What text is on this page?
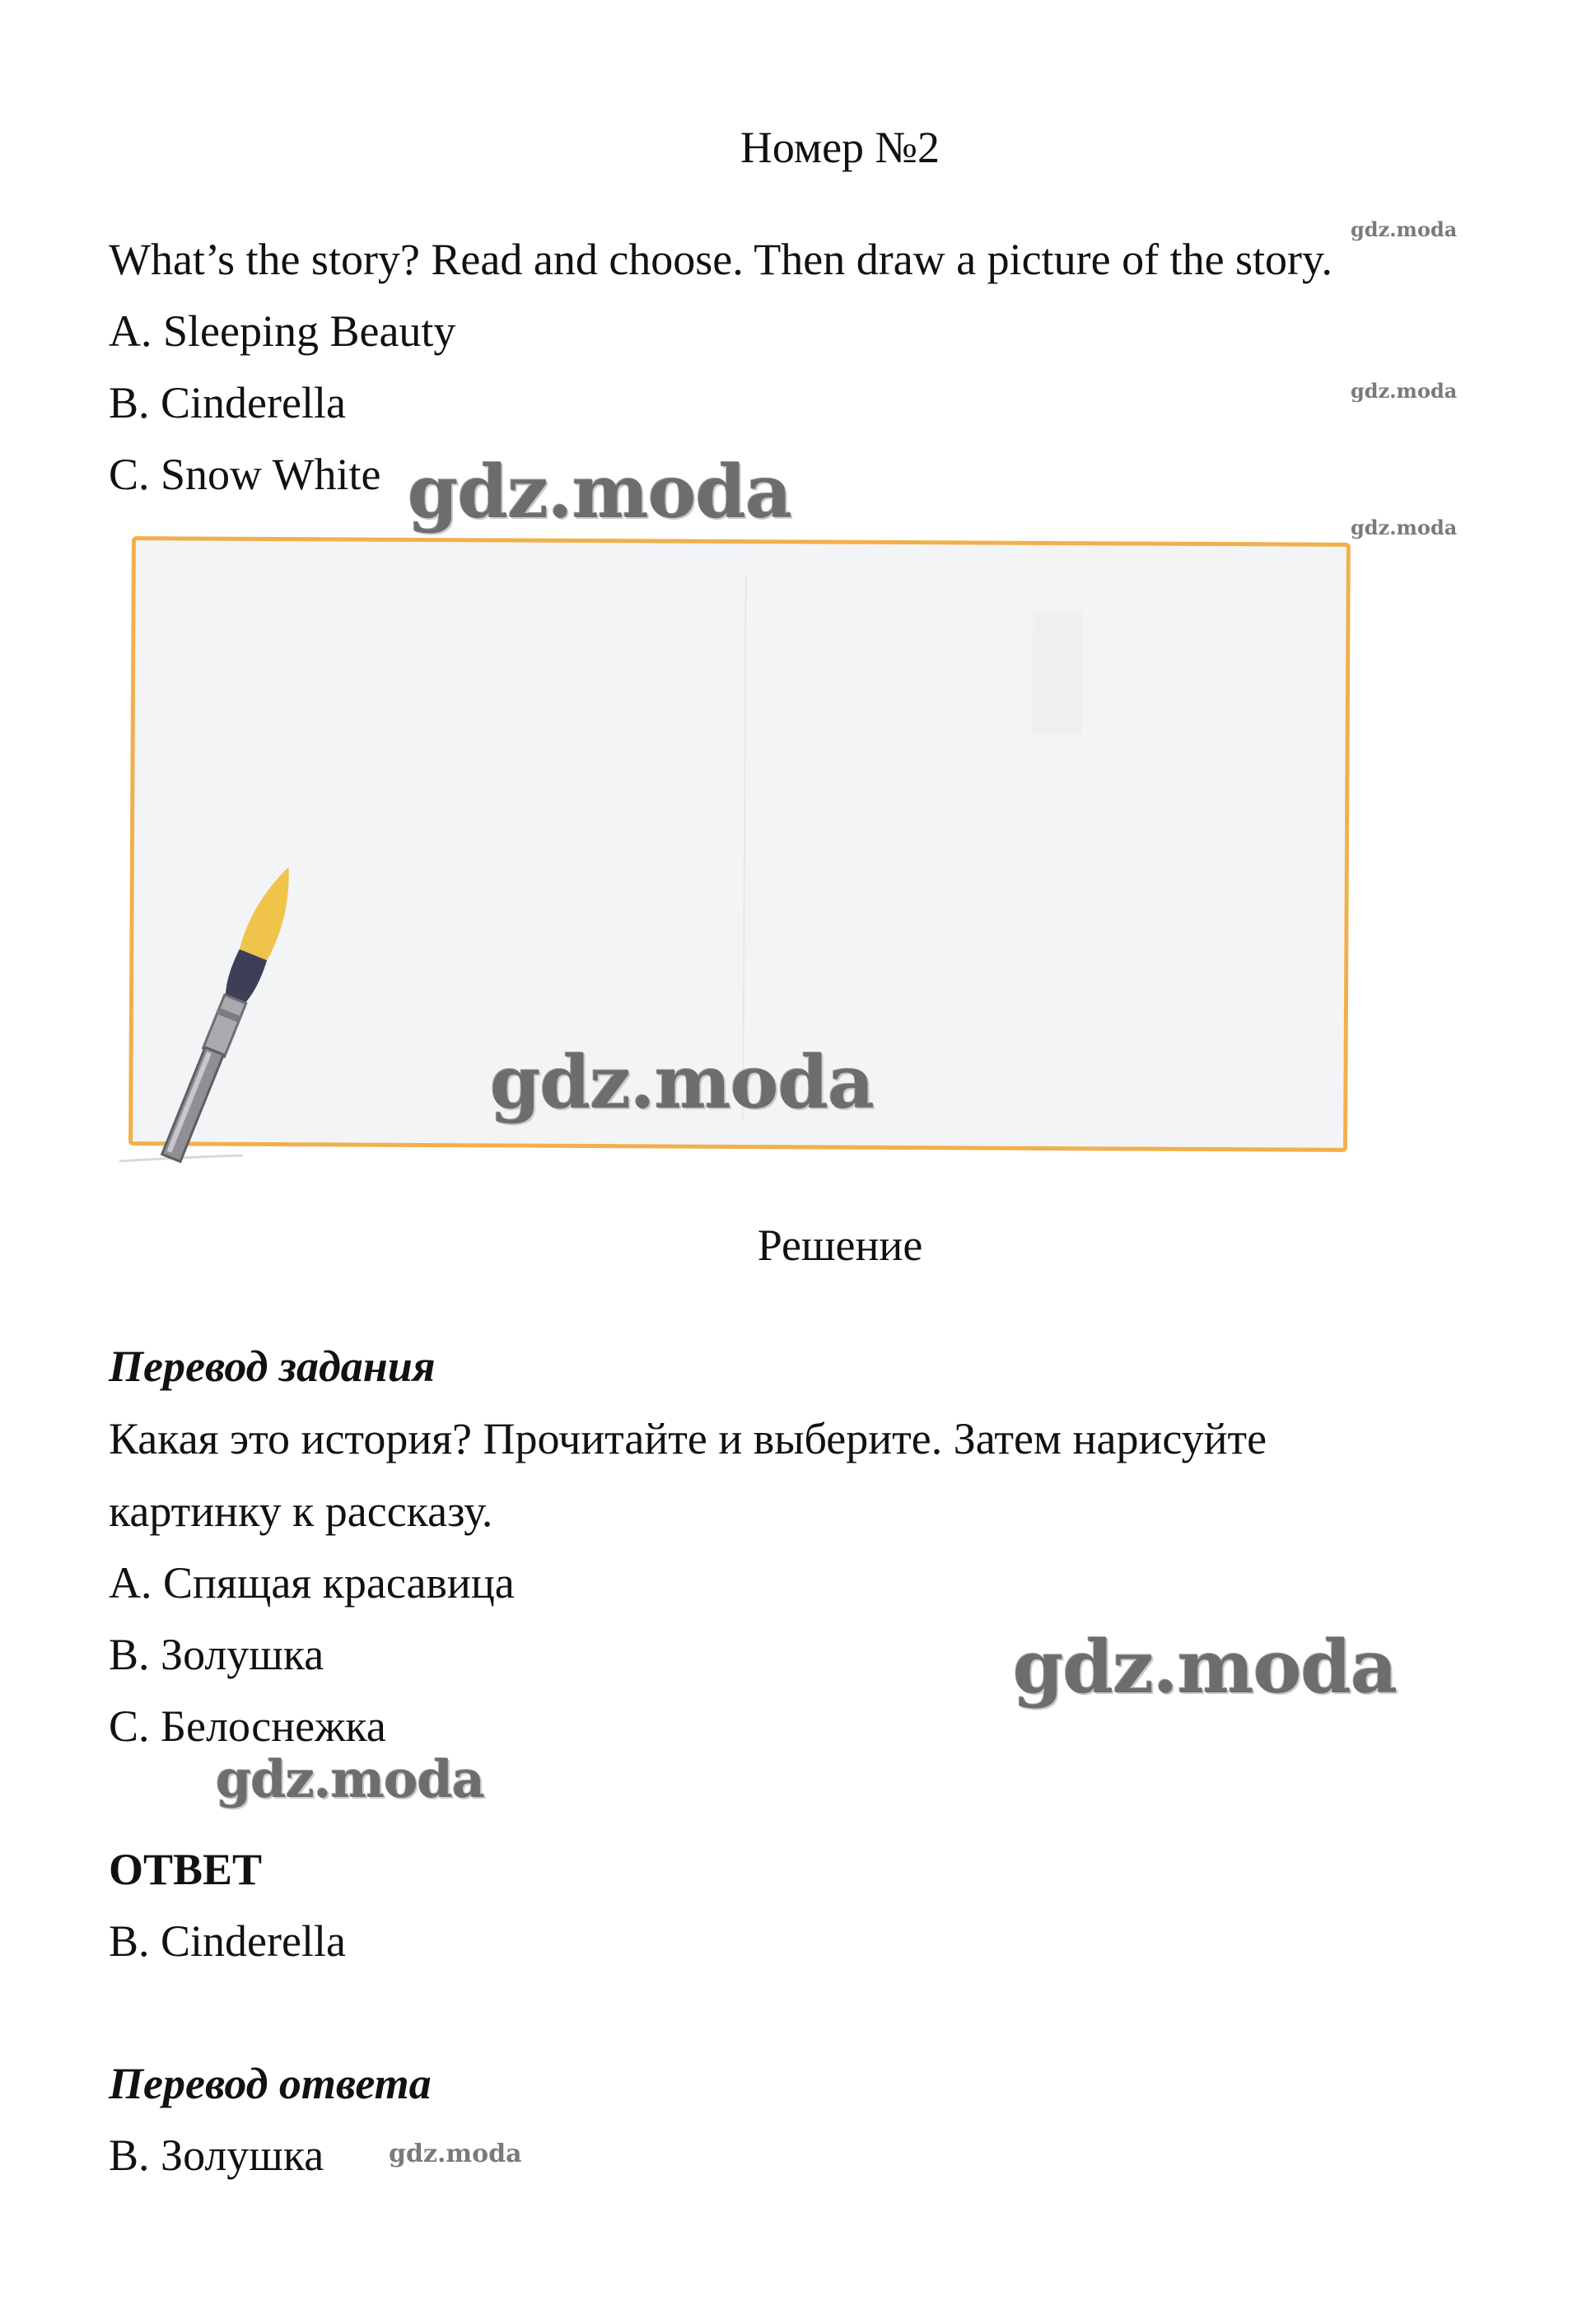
Номер №2
What’s the story? Read and choose. Then draw a picture of the story.
A. Sleeping Beauty
B. Cinderella
C. Snow White
Решение
Перевод задания
Какая это история? Прочитайте и выберите. Затем нарисуйте
картинку к рассказу.
А. Спящая красавица
В. Золушка
С. Белоснежка
ОТВЕТ
B. Cinderella
Перевод ответа
В. Золушка
gdz.moda
gdz.moda
gdz.moda
gdz.moda
gdz.moda
gdz.moda
gdz.moda
gdz.moda
